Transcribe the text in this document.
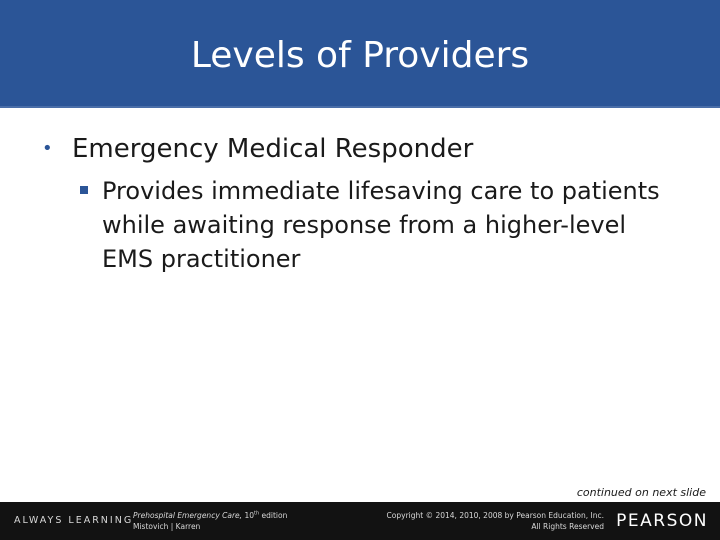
Levels of Providers
• Emergency Medical Responder
Provides immediate lifesaving care to patients while awaiting response from a higher-level EMS practitioner
continued on next slide
ALWAYS LEARNING Prehospital Emergency Care, 10th edition
Mistovich | Karren
Copyright © 2014, 2010, 2008 by Pearson Education, Inc.
All Rights Reserved PEARSON
